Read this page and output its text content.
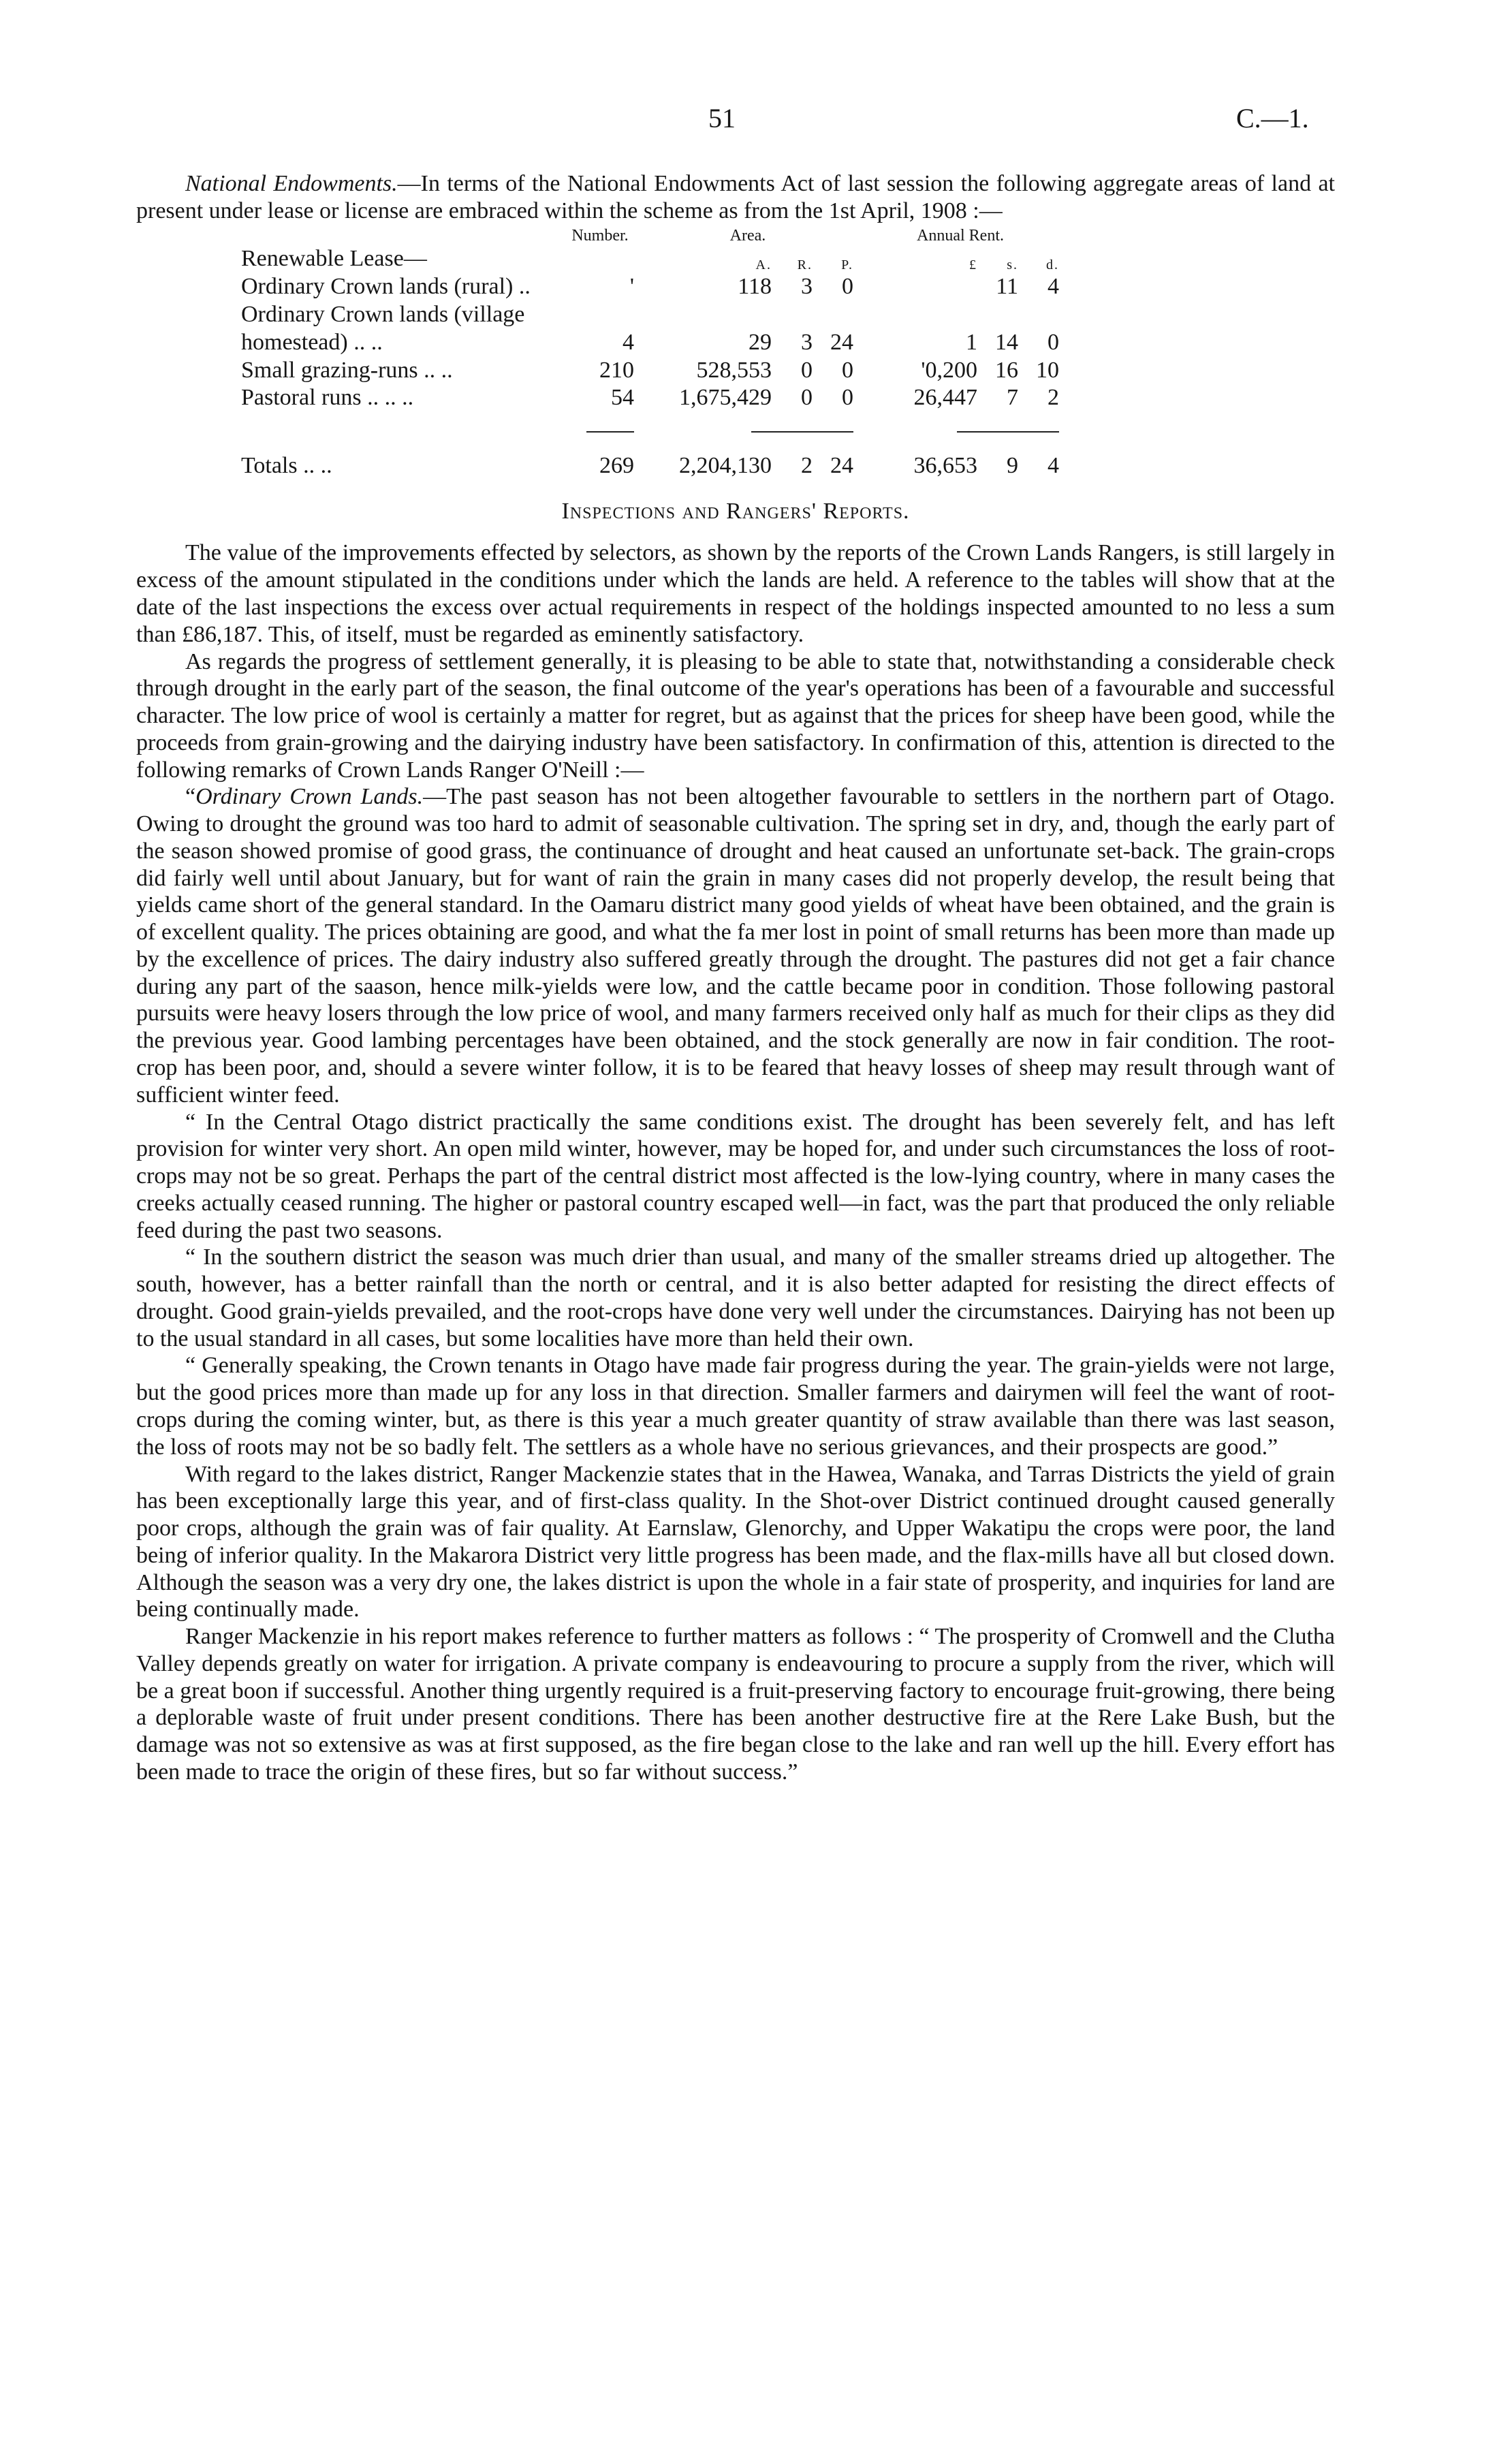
51	C.—1.

National Endowments.—In terms of the National Endowments Act of last session the following aggregate areas of land at present under lease or license are embraced within the scheme as from the 1st April, 1908 :—

	Number.	Area.			Annual Rent.		
Renewable Lease—		A.	R.	P.	£	s.	d.
Ordinary Crown lands (rural) ..	'	118	3	0		11	4
Ordinary Crown lands (village							
homestead) .. ..	4	29	3	24	1	14	0
Small grazing-runs .. ..	210	528,553	0	0	'0,200	16	10
Pastoral runs .. .. ..	54	1,675,429	0	0	26,447	7	2

Totals .. ..	269	2,204,130	2	24	36,653	9	4
Inspections and Rangers' Reports.

The value of the improvements effected by selectors, as shown by the reports of the Crown Lands Rangers, is still largely in excess of the amount stipulated in the conditions under which the lands are held. A reference to the tables will show that at the date of the last inspections the excess over actual requirements in respect of the holdings inspected amounted to no less a sum than £86,187. This, of itself, must be regarded as eminently satisfactory.

As regards the progress of settlement generally, it is pleasing to be able to state that, notwithstanding a considerable check through drought in the early part of the season, the final outcome of the year's operations has been of a favourable and successful character. The low price of wool is certainly a matter for regret, but as against that the prices for sheep have been good, while the proceeds from grain-growing and the dairying industry have been satisfactory. In confirmation of this, attention is directed to the following remarks of Crown Lands Ranger O'Neill :—

“Ordinary Crown Lands.—The past season has not been altogether favourable to settlers in the northern part of Otago. Owing to drought the ground was too hard to admit of seasonable cultivation. The spring set in dry, and, though the early part of the season showed promise of good grass, the continuance of drought and heat caused an unfortunate set-back. The grain-crops did fairly well until about January, but for want of rain the grain in many cases did not properly develop, the result being that yields came short of the general standard. In the Oamaru district many good yields of wheat have been obtained, and the grain is of excellent quality. The prices obtaining are good, and what the fa mer lost in point of small returns has been more than made up by the excellence of prices. The dairy industry also suffered greatly through the drought. The pastures did not get a fair chance during any part of the saason, hence milk-yields were low, and the cattle became poor in condition. Those following pastoral pursuits were heavy losers through the low price of wool, and many farmers received only half as much for their clips as they did the previous year. Good lambing percentages have been obtained, and the stock generally are now in fair condition. The root-crop has been poor, and, should a severe winter follow, it is to be feared that heavy losses of sheep may result through want of sufficient winter feed.

“ In the Central Otago district practically the same conditions exist. The drought has been severely felt, and has left provision for winter very short. An open mild winter, however, may be hoped for, and under such circumstances the loss of root-crops may not be so great. Perhaps the part of the central district most affected is the low-lying country, where in many cases the creeks actually ceased running. The higher or pastoral country escaped well—in fact, was the part that produced the only reliable feed during the past two seasons.

“ In the southern district the season was much drier than usual, and many of the smaller streams dried up altogether. The south, however, has a better rainfall than the north or central, and it is also better adapted for resisting the direct effects of drought. Good grain-yields prevailed, and the root-crops have done very well under the circumstances. Dairying has not been up to the usual standard in all cases, but some localities have more than held their own.

“ Generally speaking, the Crown tenants in Otago have made fair progress during the year. The grain-yields were not large, but the good prices more than made up for any loss in that direction. Smaller farmers and dairymen will feel the want of root-crops during the coming winter, but, as there is this year a much greater quantity of straw available than there was last season, the loss of roots may not be so badly felt. The settlers as a whole have no serious grievances, and their prospects are good.”

With regard to the lakes district, Ranger Mackenzie states that in the Hawea, Wanaka, and Tarras Districts the yield of grain has been exceptionally large this year, and of first-class quality. In the Shot-over District continued drought caused generally poor crops, although the grain was of fair quality. At Earnslaw, Glenorchy, and Upper Wakatipu the crops were poor, the land being of inferior quality. In the Makarora District very little progress has been made, and the flax-mills have all but closed down. Although the season was a very dry one, the lakes district is upon the whole in a fair state of prosperity, and inquiries for land are being continually made.

Ranger Mackenzie in his report makes reference to further matters as follows : “ The prosperity of Cromwell and the Clutha Valley depends greatly on water for irrigation. A private company is endeavouring to procure a supply from the river, which will be a great boon if successful. Another thing urgently required is a fruit-preserving factory to encourage fruit-growing, there being a deplorable waste of fruit under present conditions. There has been another destructive fire at the Rere Lake Bush, but the damage was not so extensive as was at first supposed, as the fire began close to the lake and ran well up the hill. Every effort has been made to trace the origin of these fires, but so far without success.”
